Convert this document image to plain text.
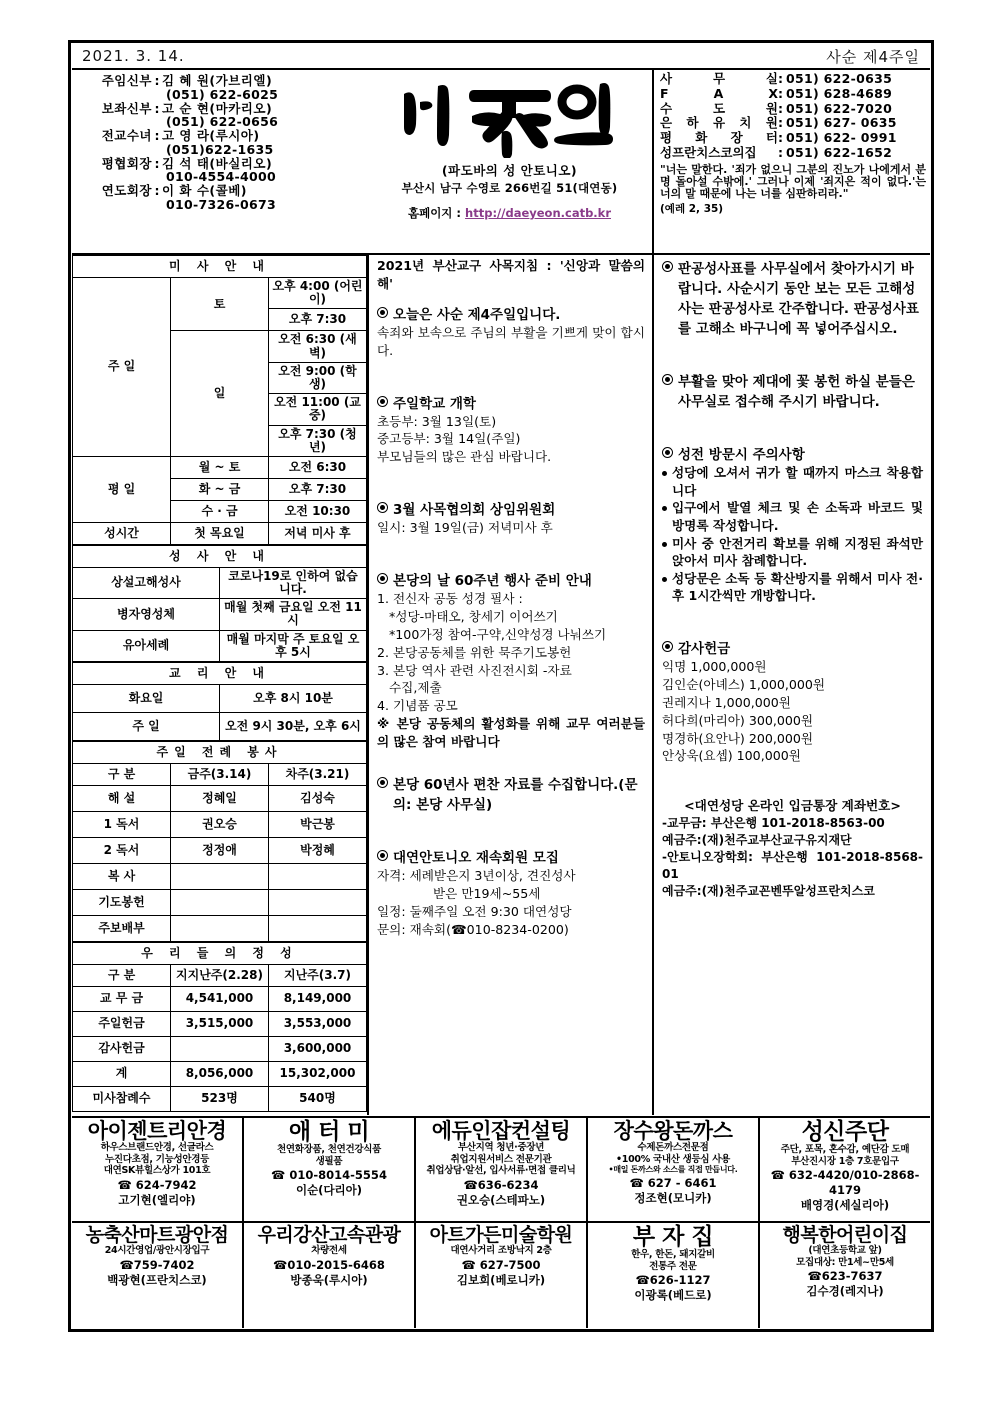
2021. 3. 14.	사순 제4주일
주임신부 : 김 혜 원(가브리엘)
(051) 622-6025
보좌신부 : 고 순 현(마카리오)
(051) 622-0656
전교수녀 : 고 영 라(루시아)
(051)622-1635
평협회장 : 김 석 태(바실리오)
010-4554-4000
연도회장 : 이 화 수(콜베)
010-7326-0673
(파도바의 성 안토니오)
부산시 남구 수영로 266번길 51(대연동)
홈페이지 : http://daeyeon.catb.kr
사	무	실 : 051) 622-0635
F	A	X : 051) 628-4689
수	도	원 : 051) 622-7020
은 하 유 치 원 : 051) 627- 0635
평 화 장 터 : 051) 622- 0991
성프란치스코의집 : 051) 622-1652
"너는 말한다. '죄가 없으니 그분의 진노가 나에게서 분명 돌아설 수밖에.' 그러나 이제 '죄지은 적이 없다.'는 너의 말 때문에 나는 너를 심판하리라."
(예레 2, 35)
미 사 안 내		
주 일	토	오후 4:00 (어린이)
		오후 7:30
	일	오전 6:30 (새벽)
		오전 9:00 (학생)
		오전 11:00 (교중)
		오후 7:30 (청년)
평 일	월 ~ 토	오전 6:30
	화 ~ 금	오후 7:30
	수 · 금	오전 10:30
성시간	첫 목요일	저녁 미사 후
성 사 안 내	
상설고해성사	코로나19로 인하여 없습니다.
병자영성체	매월 첫째 금요일 오전 11시
유아세례	매월 마지막 주 토요일 오후 5시
교 리 안 내	
화요일	오후 8시 10분
주 일	오전 9시 30분, 오후 6시
주일 전례 봉사		
구 분	금주(3.14)	차주(3.21)
해 설	정혜일	김성숙
1 독서	권오승	박근봉
2 독서	정정애	박정혜
복 사		
기도봉헌		
주보배부		
우 리 들 의 정 성		
구 분	지지난주(2.28)	지난주(3.7)
교 무 금	4,541,000	8,149,000
주일헌금	3,515,000	3,553,000
감사헌금		3,600,000
계	8,056,000	15,302,000
미사참례수	523명	540명
2021년 부산교구 사목지침 : '신앙과 말씀의 해'
오늘은 사순 제4주일입니다.
속죄와 보속으로 주님의 부활을 기쁘게 맞이 합시다.
주일학교 개학
초등부: 3월 13일(토)
중고등부: 3월 14일(주일)
부모님들의 많은 관심 바랍니다.
3월 사목협의회 상임위원회
일시: 3월 19일(금) 저녁미사 후
본당의 날 60주년 행사 준비 안내
1. 전신자 공동 성경 필사 :
*성당-마태오, 창세기 이어쓰기
*100가정 참여-구약,신약성경 나눠쓰기
2. 본당공동체를 위한 묵주기도봉헌
3. 본당 역사 관련 사진전시회 -자료
수집,제출
4. 기념품 공모
※ 본당 공동체의 활성화를 위해 교무 여러분들의 많은 참여 바랍니다
본당 60년사 편찬 자료를 수집합니다.(문의: 본당 사무실)
대연안토니오 재속회원 모집
자격: 세례받은지 3년이상, 견진성사
받은 만19세~55세
일정: 둘째주일 오전 9:30 대연성당
문의: 재속회(☎010-8234-0200)
판공성사표를 사무실에서 찾아가시기 바랍니다. 사순시기 동안 보는 모든 고해성사는 판공성사로 간주합니다. 판공성사표를 고해소 바구니에 꼭 넣어주십시오.
부활을 맞아 제대에 꽃 봉헌 하실 분들은 사무실로 접수해 주시기 바랍니다.
성전 방문시 주의사항
성당에 오셔서 귀가 할 때까지 마스크 착용합니다
입구에서 발열 체크 및 손 소독과 바코드 및 방명록 작성합니다.
미사 중 안전거리 확보를 위해 지정된 좌석만 앉아서 미사 참례합니다.
성당문은 소독 등 확산방지를 위해서 미사 전·후 1시간씩만 개방합니다.
감사헌금
익명 1,000,000원
김인순(아녜스) 1,000,000원
권레지나 1,000,000원
허다희(마리아) 300,000원
명경하(요안나) 200,000원
안상욱(요셉) 100,000원
<대연성당 온라인 입금통장 계좌번호>
-교무금: 부산은행 101-2018-8563-00
예금주:(재)천주교부산교구유지재단
-안토니오장학회: 부산은행 101-2018-8568-01
예금주:(재)천주교꼰벤뚜알성프란치스코
아이젠트리안경
하우스브랜드안경, 선글라스
누진다초점, 기능성안경등
대연SK뷰힐스상가 101호
☎ 624-7942
고기현(엘리야)
애 터 미
천연화장품, 천연건강식품
생필품
☎ 010-8014-5554
이순(다리아)
에듀인잡컨설팅
부산지역 청년·중장년
취업지원서비스 전문기관
취업상담·알선, 입사서류·면접 클리닉
☎636-6234
권오승(스테파노)
장수왕돈까스
수제돈까스전문점
•100% 국내산 생등심 사용
•매일 돈까스와 소스를 직접 만듭니다.
☎ 627 - 6461
정조현(모니카)
성신주단
주단, 포목, 혼수감, 예단감 도매
부산진시장 1층 7호문입구
☎ 632-4420/010-2868-4179
배영경(세실리아)
농축산마트광안점
24시간영업/광안시장입구
☎759-7402
백광현(프란치스코)
우리강산고속관광
차량전세
☎010-2015-6468
방종욱(루시아)
아트가든미술학원
대연사거리 조방낙지 2층
☎ 627-7500
김보희(베로니카)
부 자 집
한우, 한돈, 돼지갈비
전통주 전문
☎626-1127
이광록(베드로)
행복한어린이집
(대연초등학교 앞)
모집대상: 만1세~만5세
☎623-7637
김수경(레지나)
